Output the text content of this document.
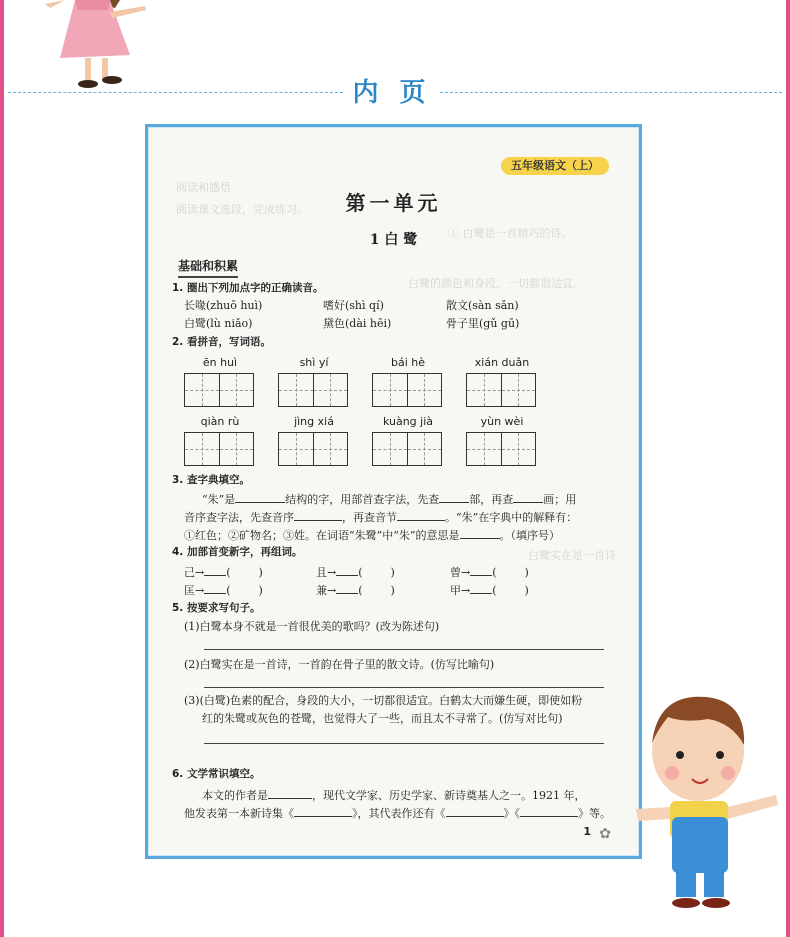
内 页
阅读和感悟
阅读课文选段，完成练习。
① 白鹭是一首精巧的诗。
白鹭的颜色和身段，一切都很适宜。
白鹭实在是一首诗
五年级语文（上）
第一单元
1 白 鹭
基础和积累
1. 圈出下列加点字的正确读音。
长喙(zhuō huì)	嗜好(shì qí)	散文(sàn sǎn)
白鹭(lù niǎo)	黛色(dài hēi)	骨子里(gǔ gū)
2. 看拼音，写词语。
ēn huì	shì yí	bái hè	xián duǎn
qiàn rù	jìng xiá	kuàng jià	yùn wèi
3. 查字典填空。
“朱”是	结构的字，用部首查字法，先查	部，再查	画；用
音序查字法，先查音序	，再查音节	。“朱”在字典中的解释有：
①红色；②矿物名；③姓。在词语“朱鹭”中“朱”的意思是	。（填序号）
4. 加部首变新字，再组词。
己→ (	)	且→ (	)	曾→ (	)
匡→ (	)	兼→ (	)	甲→ (	)
5. 按要求写句子。
(1)白鹭本身不就是一首很优美的歌吗？(改为陈述句)
(2)白鹭实在是一首诗，一首韵在骨子里的散文诗。(仿写比喻句)
(3)(白鹭)色素的配合，身段的大小，一切都很适宜。白鹤太大而嫌生硬，即使如粉
红的朱鹭或灰色的苍鹭，也觉得大了一些，而且太不寻常了。(仿写对比句)
6. 文学常识填空。
本文的作者是	，现代文学家、历史学家、新诗奠基人之一。1921 年，
他发表第一本新诗集《	》，其代表作还有《	》《	》等。
1 ✿
